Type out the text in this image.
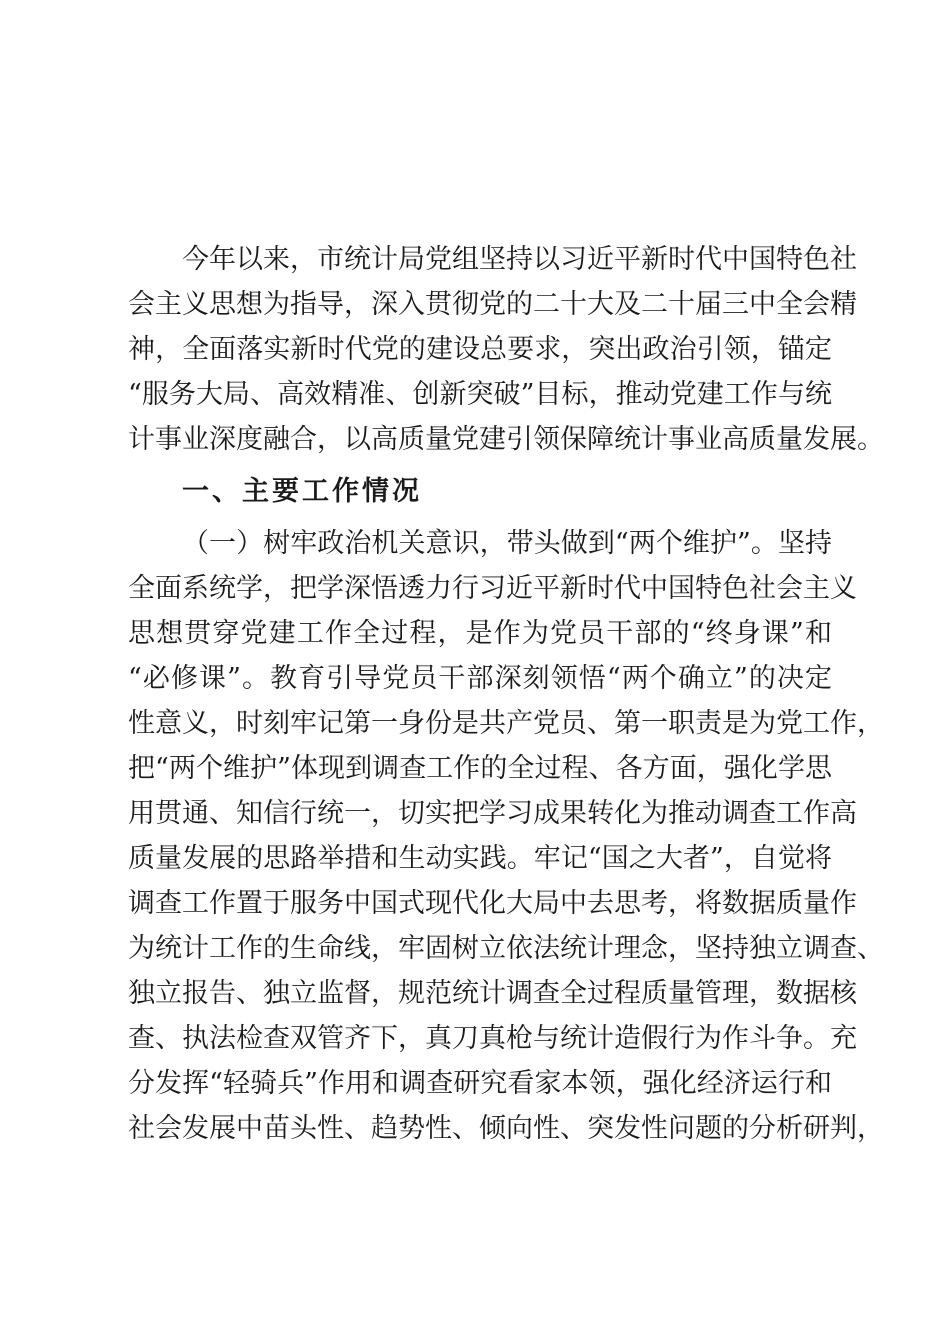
今年以来，市统计局党组坚持以习近平新时代中国特色社
会主义思想为指导，深入贯彻党的二十大及二十届三中全会精
神，全面落实新时代党的建设总要求，突出政治引领，锚定
“服务大局、高效精准、创新突破”目标，推动党建工作与统
计事业深度融合，以高质量党建引领保障统计事业高质量发展。
一、主要工作情况
（一）树牢政治机关意识，带头做到“两个维护”。坚持
全面系统学，把学深悟透力行习近平新时代中国特色社会主义
思想贯穿党建工作全过程，是作为党员干部的“终身课”和
“必修课”。教育引导党员干部深刻领悟“两个确立”的决定
性意义，时刻牢记第一身份是共产党员、第一职责是为党工作，
把“两个维护”体现到调查工作的全过程、各方面，强化学思
用贯通、知信行统一，切实把学习成果转化为推动调查工作高
质量发展的思路举措和生动实践。牢记“国之大者”，自觉将
调查工作置于服务中国式现代化大局中去思考，将数据质量作
为统计工作的生命线，牢固树立依法统计理念，坚持独立调查、
独立报告、独立监督，规范统计调查全过程质量管理，数据核
查、执法检查双管齐下，真刀真枪与统计造假行为作斗争。充
分发挥“轻骑兵”作用和调查研究看家本领，强化经济运行和
社会发展中苗头性、趋势性、倾向性、突发性问题的分析研判，
